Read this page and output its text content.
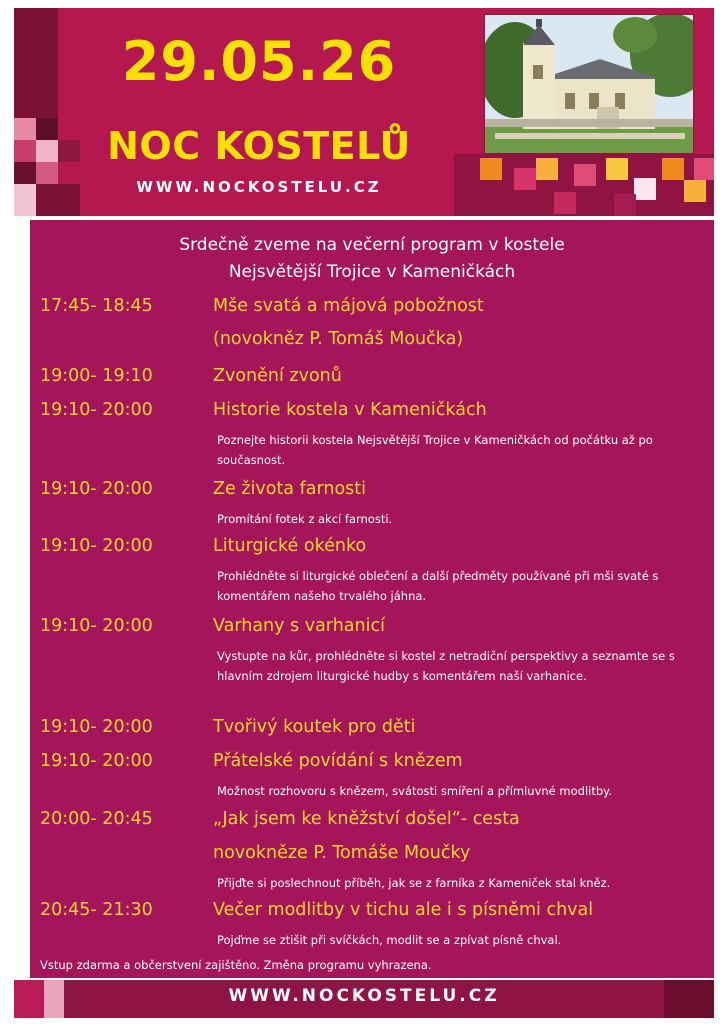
29.05.26
NOC KOSTELŮ
WWW.NOCKOSTELU.CZ
Srdečně zveme na večerní program v kostele
Nejsvětější Trojice v Kameničkách
17:45- 18:45	Mše svatá a májová pobožnost
(novokněz P. Tomáš Moučka)
19:00- 19:10	Zvonění zvonů
19:10- 20:00	Historie kostela v Kameničkách
Poznejte historii kostela Nejsvětější Trojice v Kameničkách od počátku až po současnost.
19:10- 20:00	Ze života farnosti
Promítání fotek z akcí farnosti.
19:10- 20:00	Liturgické okénko
Prohlédněte si liturgické oblečení a další předměty používané při mši svaté s komentářem našeho trvalého jáhna.
19:10- 20:00	Varhany s varhanicí
Vystupte na kůr, prohlédněte si kostel z netradiční perspektivy a seznamte se s hlavním zdrojem liturgické hudby s komentářem naší varhanice.
19:10- 20:00	Tvořivý koutek pro děti
19:10- 20:00	Přátelské povídání s knězem
Možnost rozhovoru s knězem, svátosti smíření a přímluvné modlitby.
20:00- 20:45	„Jak jsem ke kněžství došel“- cesta
novokněze P. Tomáše Moučky
Přijďte si poslechnout příběh, jak se z farníka z Kameniček stal kněz.
20:45- 21:30	Večer modlitby v tichu ale i s písněmi chval
Pojďme se ztišit při svíčkách, modlit se a zpívat písně chval.
Vstup zdarma a občerstvení zajištěno. Změna programu vyhrazena.
WWW.NOCKOSTELU.CZ
